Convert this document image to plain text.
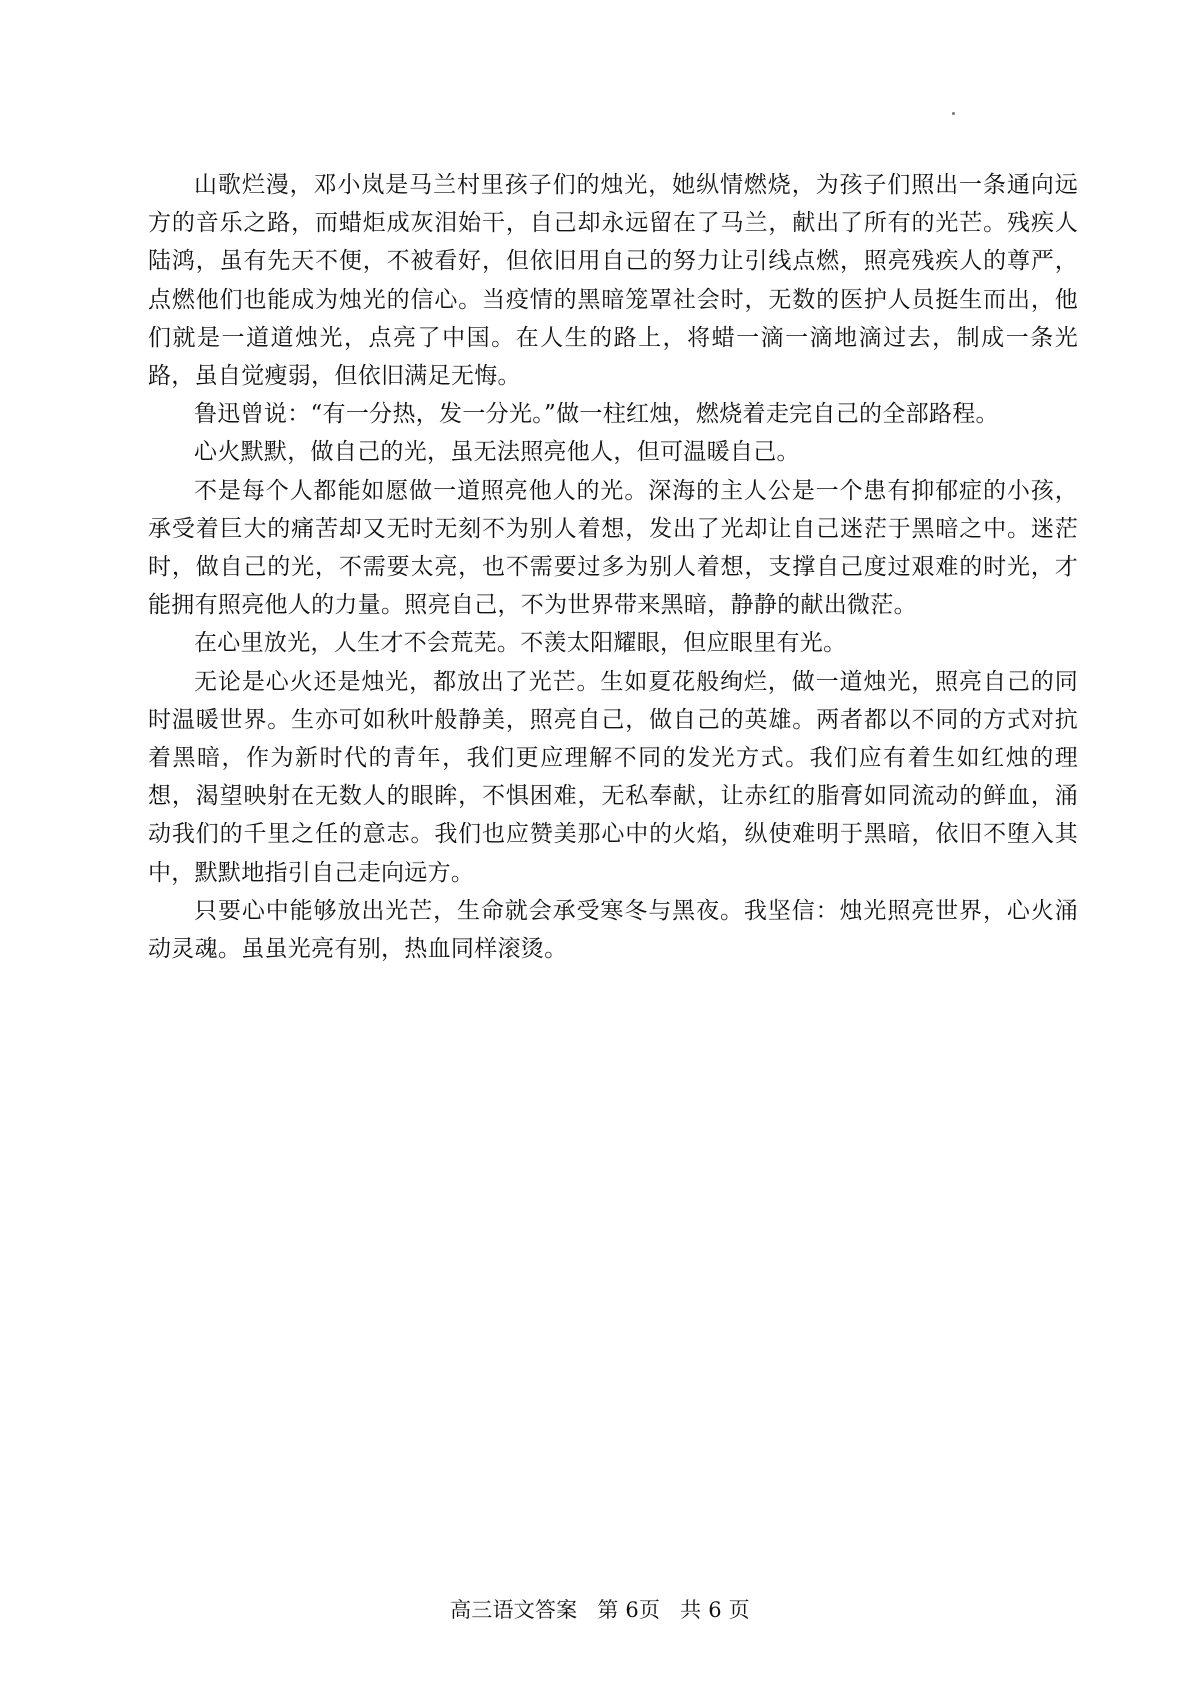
山歌烂漫，邓小岚是马兰村里孩子们的烛光，她纵情燃烧，为孩子们照出一条通向远方的音乐之路，而蜡炬成灰泪始干，自己却永远留在了马兰，献出了所有的光芒。残疾人陆鸿，虽有先天不便，不被看好，但依旧用自己的努力让引线点燃，照亮残疾人的尊严，点燃他们也能成为烛光的信心。当疫情的黑暗笼罩社会时，无数的医护人员挺生而出，他们就是一道道烛光，点亮了中国。在人生的路上，将蜡一滴一滴地滴过去，制成一条光路，虽自觉瘦弱，但依旧满足无悔。

鲁迅曾说：“有一分热，发一分光。”做一柱红烛，燃烧着走完自己的全部路程。

心火默默，做自己的光，虽无法照亮他人，但可温暖自己。

不是每个人都能如愿做一道照亮他人的光。深海的主人公是一个患有抑郁症的小孩，承受着巨大的痛苦却又无时无刻不为别人着想，发出了光却让自己迷茫于黑暗之中。迷茫时，做自己的光，不需要太亮，也不需要过多为别人着想，支撑自己度过艰难的时光，才能拥有照亮他人的力量。照亮自己，不为世界带来黑暗，静静的献出微茫。

在心里放光，人生才不会荒芜。不羡太阳耀眼，但应眼里有光。

无论是心火还是烛光，都放出了光芒。生如夏花般绚烂，做一道烛光，照亮自己的同时温暖世界。生亦可如秋叶般静美，照亮自己，做自己的英雄。两者都以不同的方式对抗着黑暗，作为新时代的青年，我们更应理解不同的发光方式。我们应有着生如红烛的理想，渴望映射在无数人的眼眸，不惧困难，无私奉献，让赤红的脂膏如同流动的鲜血，涌动我们的千里之任的意志。我们也应赞美那心中的火焰，纵使难明于黑暗，依旧不堕入其中，默默地指引自己走向远方。

只要心中能够放出光芒，生命就会承受寒冬与黑夜。我坚信：烛光照亮世界，心火涌动灵魂。虽虽光亮有别，热血同样滚烫。

高三语文答案 第 6页 共 6 页
